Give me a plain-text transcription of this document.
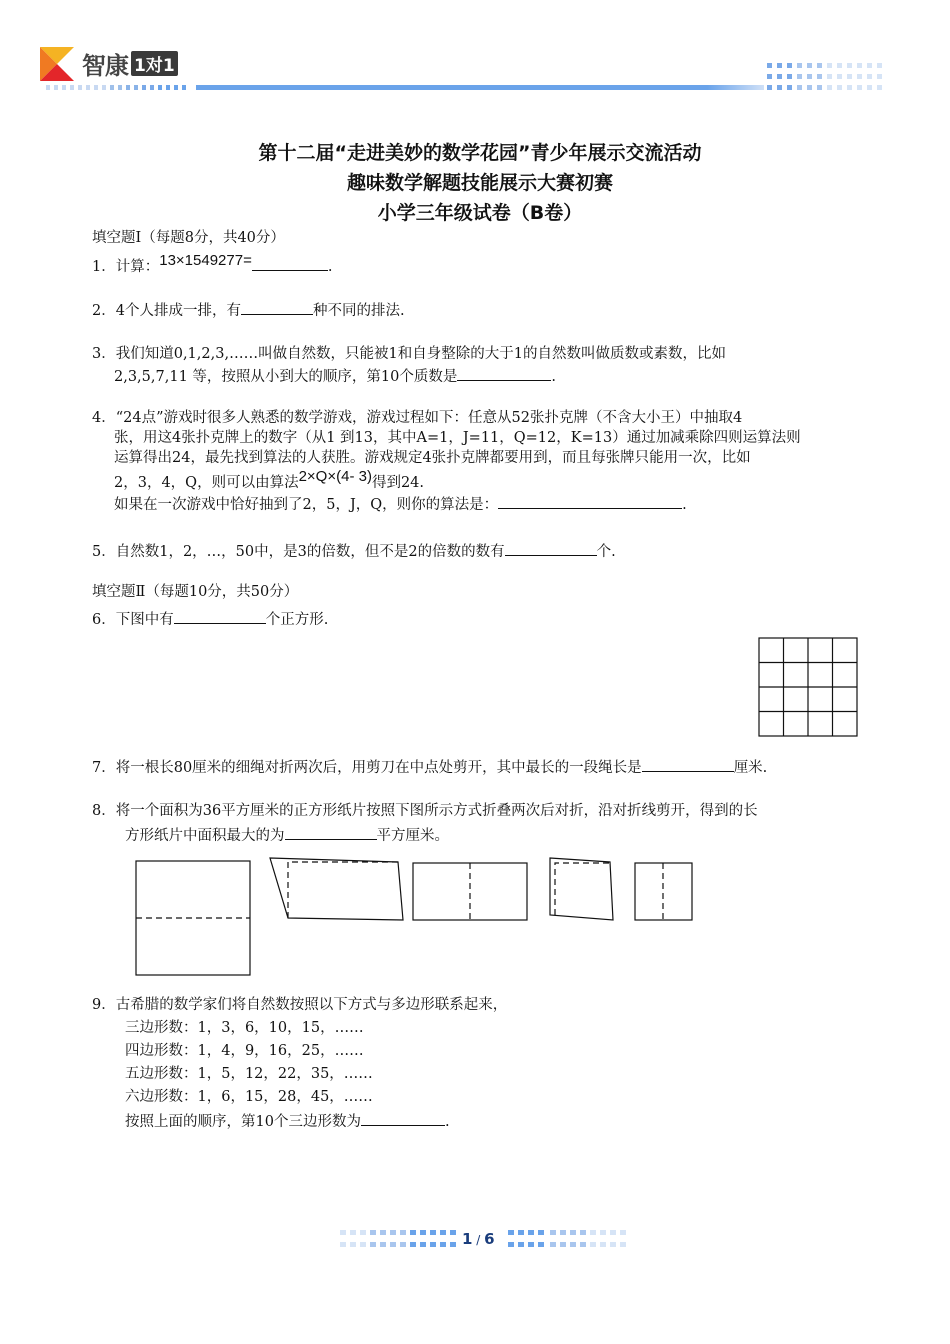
智康 1对1
第十二届“走进美妙的数学花园”青少年展示交流活动
趣味数学解题技能展示大赛初赛
小学三年级试卷（B卷）
填空题Ⅰ（每题8分，共40分）
1．计算：13×1549277=	.
2．4个人排成一排，有	种不同的排法.
3．我们知道0,1,2,3,……叫做自然数，只能被1和自身整除的大于1的自然数叫做质数或素数，比如
2,3,5,7,11 等，按照从小到大的顺序，第10个质数是	.
4．“24点”游戏时很多人熟悉的数学游戏，游戏过程如下：任意从52张扑克牌（不含大小王）中抽取4
张，用这4张扑克牌上的数字（从1 到13，其中A=1，J=11，Q=12，K=13）通过加减乘除四则运算法则
运算得出24，最先找到算法的人获胜。游戏规定4张扑克牌都要用到，而且每张牌只能用一次，比如
2，3，4，Q，则可以由算法2×Q×(4- 3)得到24.
如果在一次游戏中恰好抽到了2，5，J，Q，则你的算法是：	.
5．自然数1，2，…，50中，是3的倍数，但不是2的倍数的数有	个.
填空题Ⅱ（每题10分，共50分）
6．下图中有	个正方形.
7．将一根长80厘米的细绳对折两次后，用剪刀在中点处剪开，其中最长的一段绳长是	厘米.
8．将一个面积为36平方厘米的正方形纸片按照下图所示方式折叠两次后对折，沿对折线剪开，得到的长
方形纸片中面积最大的为	平方厘米。
9．古希腊的数学家们将自然数按照以下方式与多边形联系起来，
三边形数：1，3，6，10，15，……
四边形数：1，4，9，16，25，……
五边形数：1，5，12，22，35，……
六边形数：1，6，15，28，45，……
按照上面的顺序，第10个三边形数为	.
1 / 6
